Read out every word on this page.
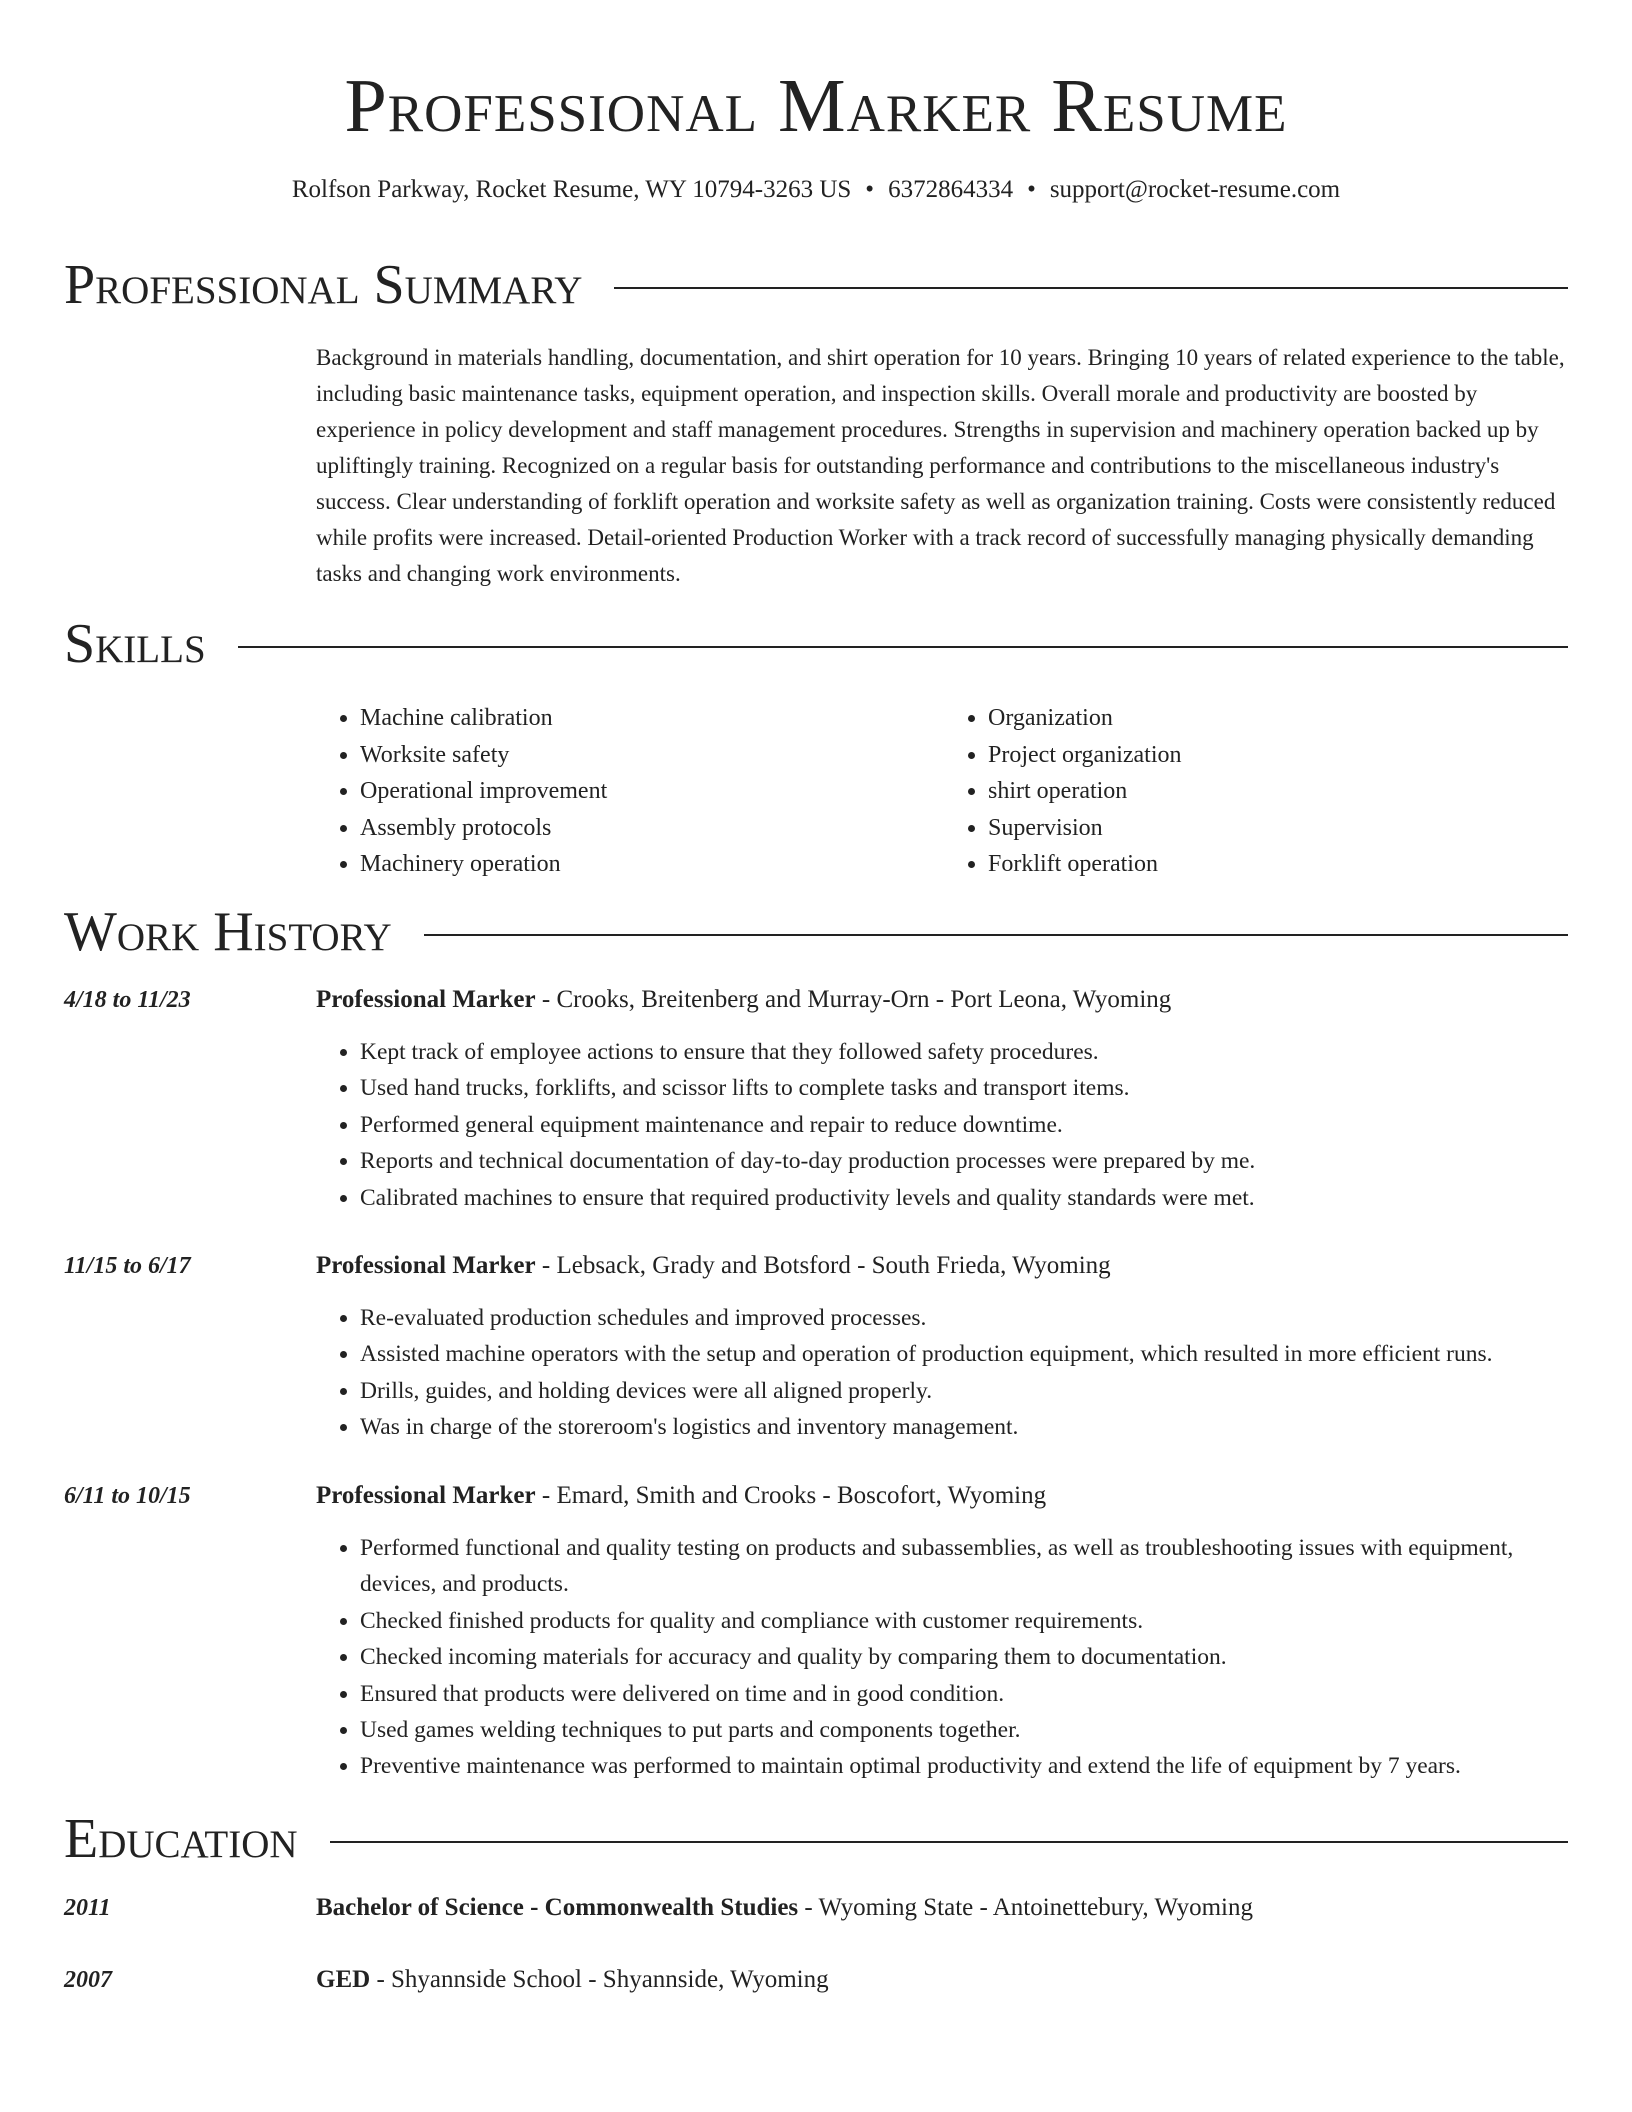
Professional Marker Resume
Rolfson Parkway, Rocket Resume, WY 10794-3263 US • 6372864334 • support@rocket-resume.com
Professional Summary
Background in materials handling, documentation, and shirt operation for 10 years. Bringing 10 years of related experience to the table, including basic maintenance tasks, equipment operation, and inspection skills. Overall morale and productivity are boosted by experience in policy development and staff management procedures. Strengths in supervision and machinery operation backed up by upliftingly training. Recognized on a regular basis for outstanding performance and contributions to the miscellaneous industry's success. Clear understanding of forklift operation and worksite safety as well as organization training. Costs were consistently reduced while profits were increased. Detail-oriented Production Worker with a track record of successfully managing physically demanding tasks and changing work environments.
Skills
• Machine calibration
• Worksite safety
• Operational improvement
• Assembly protocols
• Machinery operation
• Organization
• Project organization
• shirt operation
• Supervision
• Forklift operation
Work History
4/18 to 11/23	Professional Marker - Crooks, Breitenberg and Murray-Orn - Port Leona, Wyoming
• Kept track of employee actions to ensure that they followed safety procedures.
• Used hand trucks, forklifts, and scissor lifts to complete tasks and transport items.
• Performed general equipment maintenance and repair to reduce downtime.
• Reports and technical documentation of day-to-day production processes were prepared by me.
• Calibrated machines to ensure that required productivity levels and quality standards were met.
11/15 to 6/17	Professional Marker - Lebsack, Grady and Botsford - South Frieda, Wyoming
• Re-evaluated production schedules and improved processes.
• Assisted machine operators with the setup and operation of production equipment, which resulted in more efficient runs.
• Drills, guides, and holding devices were all aligned properly.
• Was in charge of the storeroom's logistics and inventory management.
6/11 to 10/15	Professional Marker - Emard, Smith and Crooks - Boscofort, Wyoming
• Performed functional and quality testing on products and subassemblies, as well as troubleshooting issues with equipment, devices, and products.
• Checked finished products for quality and compliance with customer requirements.
• Checked incoming materials for accuracy and quality by comparing them to documentation.
• Ensured that products were delivered on time and in good condition.
• Used games welding techniques to put parts and components together.
• Preventive maintenance was performed to maintain optimal productivity and extend the life of equipment by 7 years.
Education
2011	Bachelor of Science - Commonwealth Studies - Wyoming State - Antoinettebury, Wyoming
2007	GED - Shyannside School - Shyannside, Wyoming
